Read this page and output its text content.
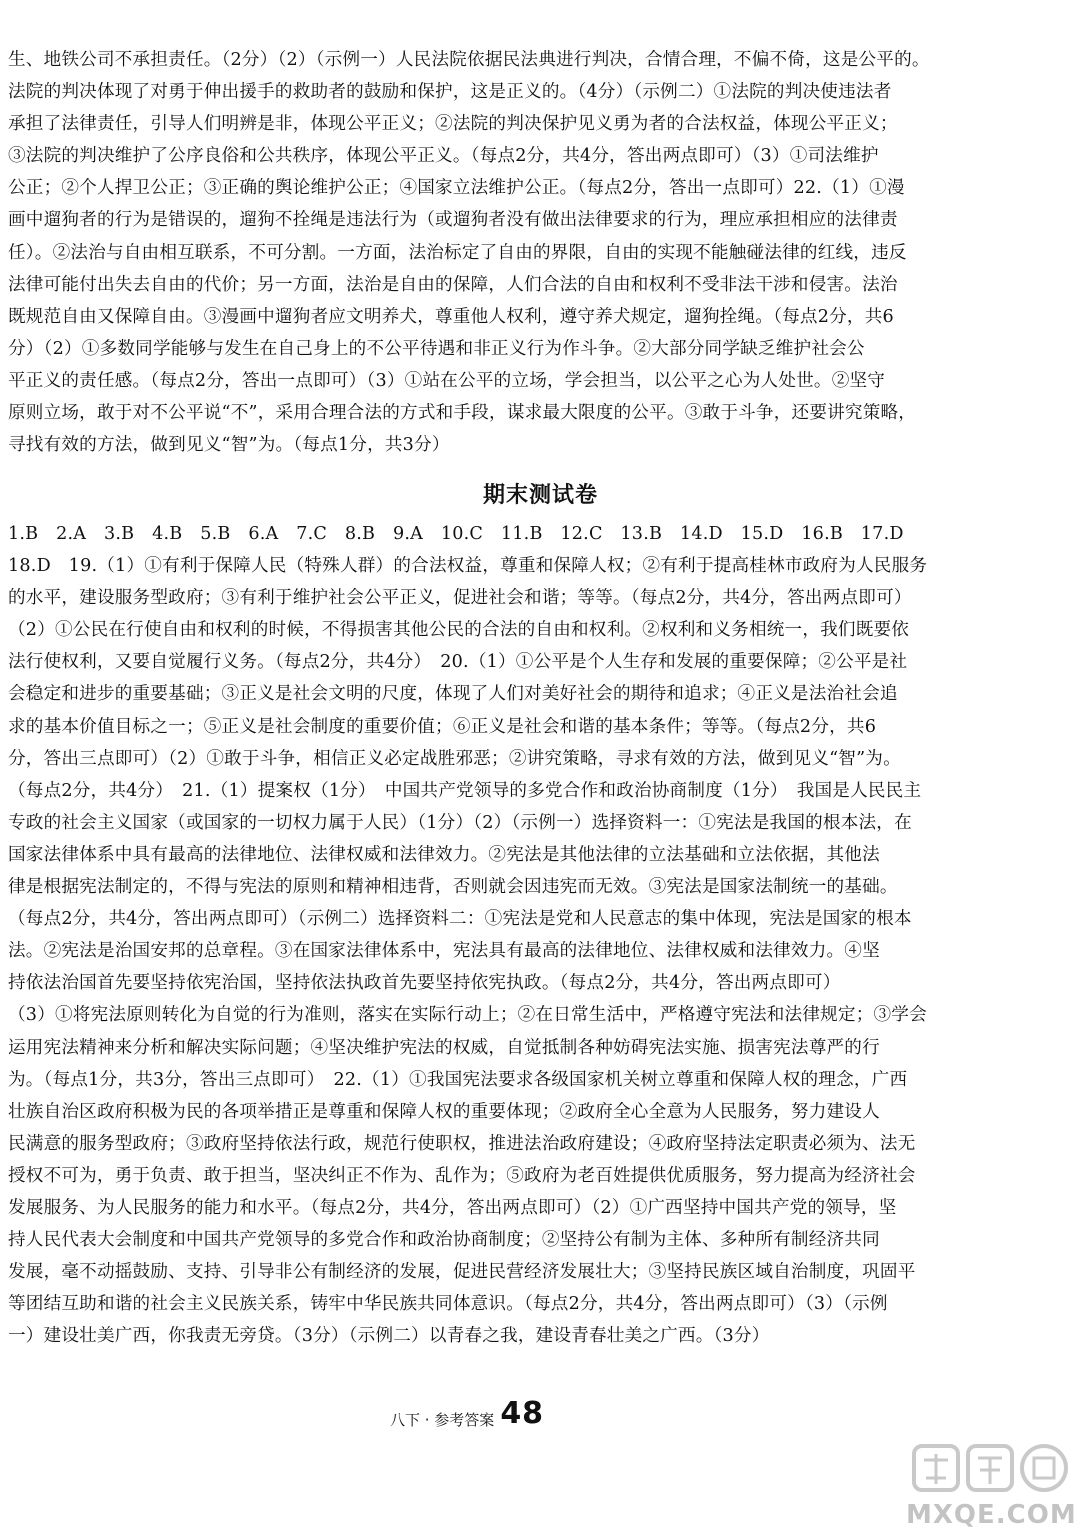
生、地铁公司不承担责任。（2分）（2）（示例一）人民法院依据民法典进行判决，合情合理，不偏不倚，这是公平的。
法院的判决体现了对勇于伸出援手的救助者的鼓励和保护，这是正义的。（4分）（示例二）①法院的判决使违法者
承担了法律责任，引导人们明辨是非，体现公平正义；②法院的判决保护见义勇为者的合法权益，体现公平正义；
③法院的判决维护了公序良俗和公共秩序，体现公平正义。（每点2分，共4分，答出两点即可）（3）①司法维护
公正；②个人捍卫公正；③正确的舆论维护公正；④国家立法维护公正。（每点2分，答出一点即可）22.（1）①漫
画中遛狗者的行为是错误的，遛狗不拴绳是违法行为（或遛狗者没有做出法律要求的行为，理应承担相应的法律责
任）。②法治与自由相互联系，不可分割。一方面，法治标定了自由的界限，自由的实现不能触碰法律的红线，违反
法律可能付出失去自由的代价；另一方面，法治是自由的保障，人们合法的自由和权利不受非法干涉和侵害。法治
既规范自由又保障自由。③漫画中遛狗者应文明养犬，尊重他人权利，遵守养犬规定，遛狗拴绳。（每点2分，共6
分）（2）①多数同学能够与发生在自己身上的不公平待遇和非正义行为作斗争。②大部分同学缺乏维护社会公
平正义的责任感。（每点2分，答出一点即可）（3）①站在公平的立场，学会担当，以公平之心为人处世。②坚守
原则立场，敢于对不公平说“不”，采用合理合法的方式和手段，谋求最大限度的公平。③敢于斗争，还要讲究策略，
寻找有效的方法，做到见义“智”为。（每点1分，共3分）
期末测试卷
1.B　2.A　3.B　4.B　5.B　6.A　7.C　8.B　9.A　10.C　11.B　12.C　13.B　14.D　15.D　16.B　17.D
18.D　19.（1）①有利于保障人民（特殊人群）的合法权益，尊重和保障人权；②有利于提高桂林市政府为人民服务
的水平，建设服务型政府；③有利于维护社会公平正义，促进社会和谐；等等。（每点2分，共4分，答出两点即可）
（2）①公民在行使自由和权利的时候，不得损害其他公民的合法的自由和权利。②权利和义务相统一，我们既要依
法行使权利，又要自觉履行义务。（每点2分，共4分）　20.（1）①公平是个人生存和发展的重要保障；②公平是社
会稳定和进步的重要基础；③正义是社会文明的尺度，体现了人们对美好社会的期待和追求；④正义是法治社会追
求的基本价值目标之一；⑤正义是社会制度的重要价值；⑥正义是社会和谐的基本条件；等等。（每点2分，共6
分，答出三点即可）（2）①敢于斗争，相信正义必定战胜邪恶；②讲究策略，寻求有效的方法，做到见义“智”为。
（每点2分，共4分）　21.（1）提案权（1分）　中国共产党领导的多党合作和政治协商制度（1分）　我国是人民民主
专政的社会主义国家（或国家的一切权力属于人民）（1分）（2）（示例一）选择资料一：①宪法是我国的根本法，在
国家法律体系中具有最高的法律地位、法律权威和法律效力。②宪法是其他法律的立法基础和立法依据，其他法
律是根据宪法制定的，不得与宪法的原则和精神相违背，否则就会因违宪而无效。③宪法是国家法制统一的基础。
（每点2分，共4分，答出两点即可）（示例二）选择资料二：①宪法是党和人民意志的集中体现，宪法是国家的根本
法。②宪法是治国安邦的总章程。③在国家法律体系中，宪法具有最高的法律地位、法律权威和法律效力。④坚
持依法治国首先要坚持依宪治国，坚持依法执政首先要坚持依宪执政。（每点2分，共4分，答出两点即可）
（3）①将宪法原则转化为自觉的行为准则，落实在实际行动上；②在日常生活中，严格遵守宪法和法律规定；③学会
运用宪法精神来分析和解决实际问题；④坚决维护宪法的权威，自觉抵制各种妨碍宪法实施、损害宪法尊严的行
为。（每点1分，共3分，答出三点即可）　22.（1）①我国宪法要求各级国家机关树立尊重和保障人权的理念，广西
壮族自治区政府积极为民的各项举措正是尊重和保障人权的重要体现；②政府全心全意为人民服务，努力建设人
民满意的服务型政府；③政府坚持依法行政，规范行使职权，推进法治政府建设；④政府坚持法定职责必须为、法无
授权不可为，勇于负责、敢于担当，坚决纠正不作为、乱作为；⑤政府为老百姓提供优质服务，努力提高为经济社会
发展服务、为人民服务的能力和水平。（每点2分，共4分，答出两点即可）（2）①广西坚持中国共产党的领导，坚
持人民代表大会制度和中国共产党领导的多党合作和政治协商制度；②坚持公有制为主体、多种所有制经济共同
发展，毫不动摇鼓励、支持、引导非公有制经济的发展，促进民营经济发展壮大；③坚持民族区域自治制度，巩固平
等团结互助和谐的社会主义民族关系，铸牢中华民族共同体意识。（每点2分，共4分，答出两点即可）（3）（示例
一）建设壮美广西，你我责无旁贷。（3分）（示例二）以青春之我，建设青春壮美之广西。（3分）
八下 · 参考答案 48
MXQE.COM
